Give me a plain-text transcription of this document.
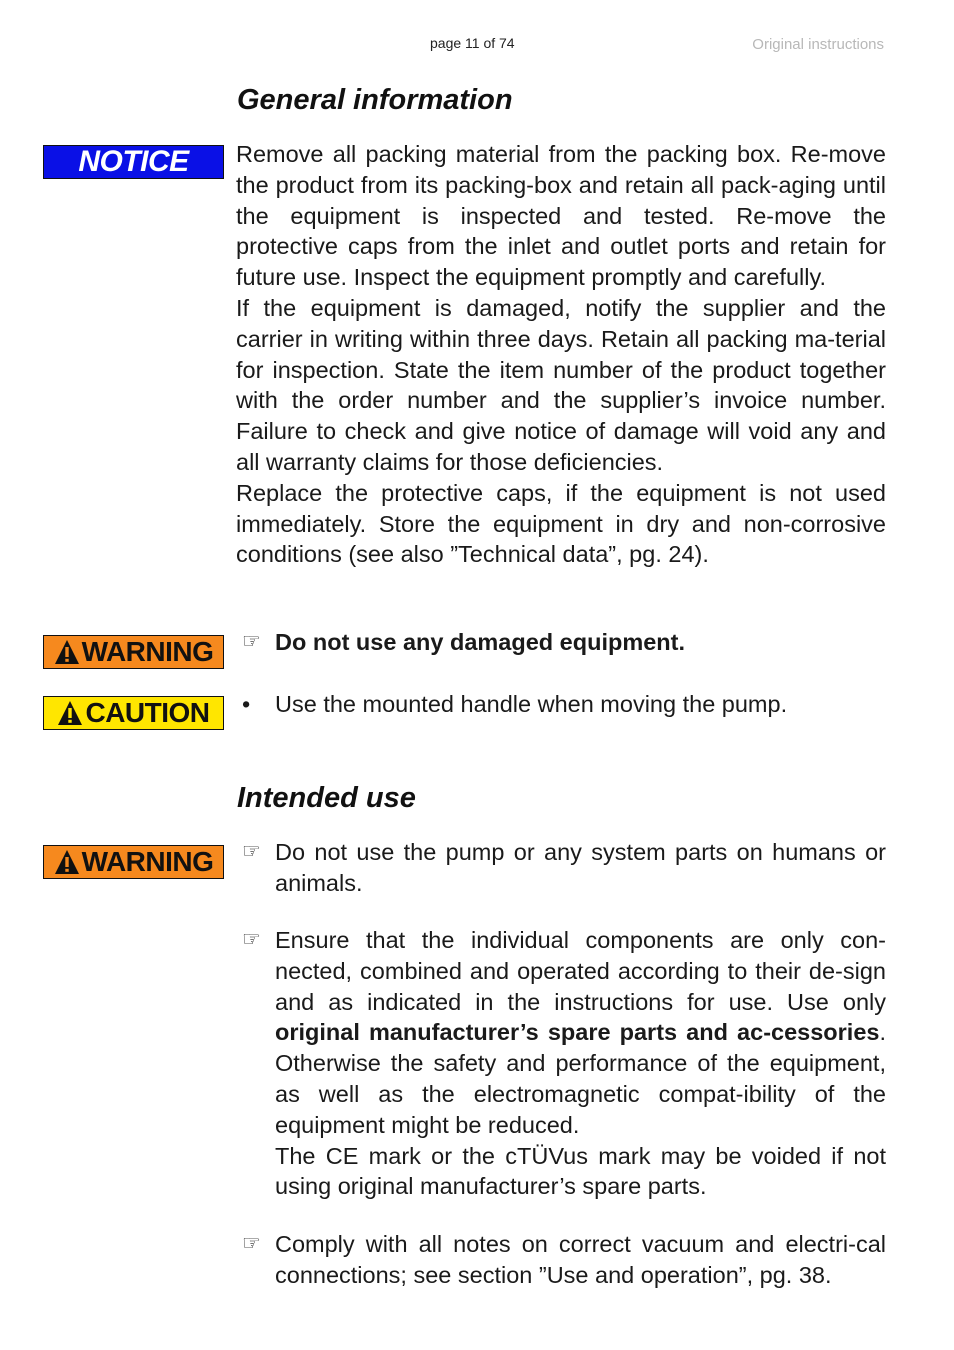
page 11 of 74	Original instructions
General information
NOTICE Remove all packing material from the packing box. Re-move the product from its packing-box and retain all pack-aging until the equipment is inspected and tested. Re-move the protective caps from the inlet and outlet ports and retain for future use. Inspect the equipment promptly and carefully.

If the equipment is damaged, notify the supplier and the carrier in writing within three days. Retain all packing ma-terial for inspection. State the item number of the product together with the order number and the supplier’s invoice number. Failure to check and give notice of damage will void any and all warranty claims for those deficiencies.

Replace the protective caps, if the equipment is not used immediately. Store the equipment in dry and non-corrosive conditions (see also ”Technical data”, pg. 24).

WARNING ☞ Do not use any damaged equipment.

CAUTION • Use the mounted handle when moving the pump.

Intended use
WARNING ☞ Do not use the pump or any system parts on humans or animals.

☞ Ensure that the individual components are only con-nected, combined and operated according to their de-sign and as indicated in the instructions for use. Use only original manufacturer’s spare parts and ac-cessories. Otherwise the safety and performance of the equipment, as well as the electromagnetic compat-ibility of the equipment might be reduced.

The CE mark or the cTÜVus mark may be voided if not using original manufacturer’s spare parts.

☞ Comply with all notes on correct vacuum and electri-cal connections; see section ”Use and operation”, pg. 38.
